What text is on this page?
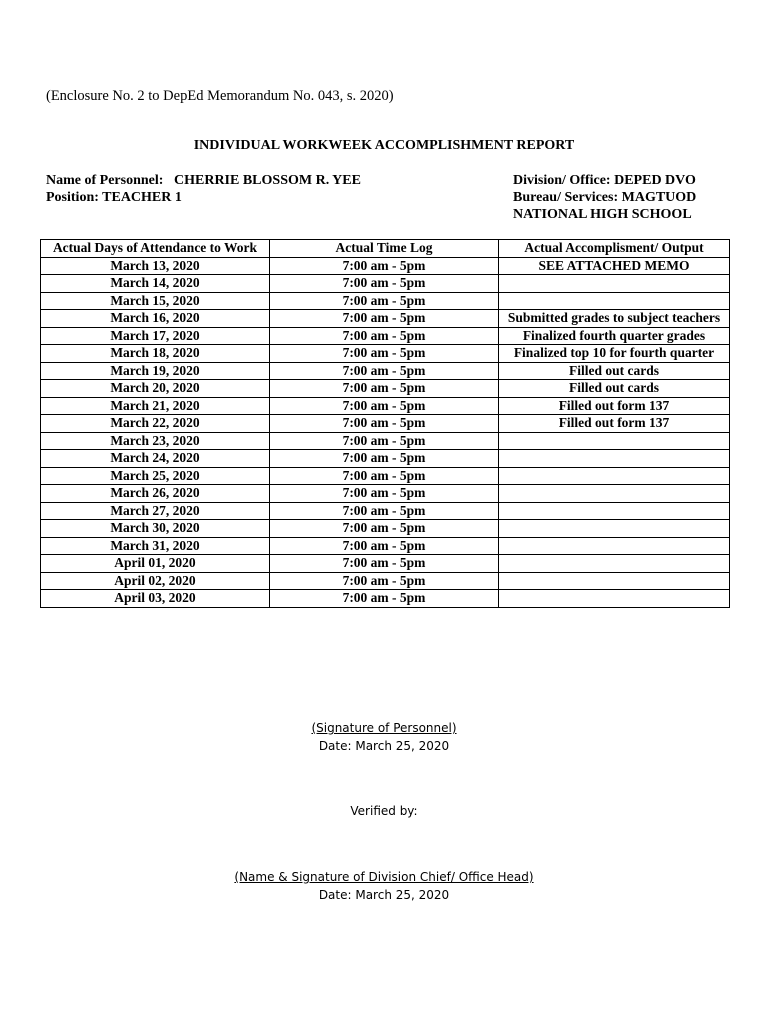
(Enclosure No. 2 to DepEd Memorandum No. 043, s. 2020)
INDIVIDUAL WORKWEEK ACCOMPLISHMENT REPORT
Name of Personnel: CHERRIE BLOSSOM R. YEE
Position: TEACHER 1
Division/ Office: DEPED DVO
Bureau/ Services: MAGTUOD
NATIONAL HIGH SCHOOL
Actual Days of Attendance to Work	Actual Time Log	Actual Accomplisment/ Output
March 13, 2020	7:00 am - 5pm	SEE ATTACHED MEMO
March 14, 2020	7:00 am - 5pm	
March 15, 2020	7:00 am - 5pm	
March 16, 2020	7:00 am - 5pm	Submitted grades to subject teachers
March 17, 2020	7:00 am - 5pm	Finalized fourth quarter grades
March 18, 2020	7:00 am - 5pm	Finalized top 10 for fourth quarter
March 19, 2020	7:00 am - 5pm	Filled out cards
March 20, 2020	7:00 am - 5pm	Filled out cards
March 21, 2020	7:00 am - 5pm	Filled out form 137
March 22, 2020	7:00 am - 5pm	Filled out form 137
March 23, 2020	7:00 am - 5pm	
March 24, 2020	7:00 am - 5pm	
March 25, 2020	7:00 am - 5pm	
March 26, 2020	7:00 am - 5pm	
March 27, 2020	7:00 am - 5pm	
March 30, 2020	7:00 am - 5pm	
March 31, 2020	7:00 am - 5pm	
April 01, 2020	7:00 am - 5pm	
April 02, 2020	7:00 am - 5pm	
April 03, 2020	7:00 am - 5pm	
(Signature of Personnel)
Date: March 25, 2020
Verified by:
(Name & Signature of Division Chief/ Office Head)
Date: March 25, 2020
